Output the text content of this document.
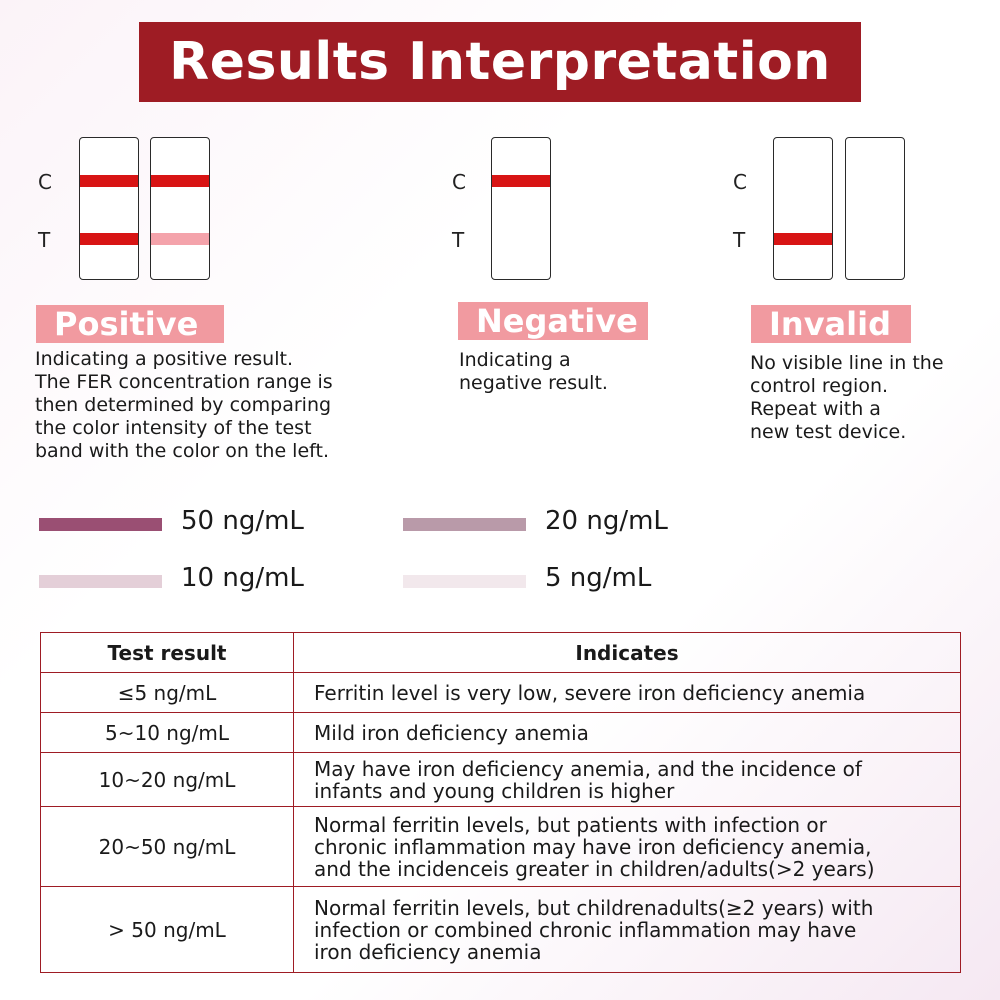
Results Interpretation
C
T
Positive
Indicating a positive result.
The FER concentration range is
then determined by comparing
the color intensity of the test
band with the color on the left.
C
T
Negative
Indicating a
negative result.
C
T
Invalid
No visible line in the
control region.
Repeat with a
new test device.
50 ng/mL	20 ng/mL
10 ng/mL	5 ng/mL
Test result	Indicates
≤5 ng/mL	Ferritin level is very low, severe iron deficiency anemia

5~10 ng/mL	Mild iron deficiency anemia

10~20 ng/mL	May have iron deficiency anemia, and the incidence of
infants and young children is higher

20~50 ng/mL	Normal ferritin levels, but patients with infection or
chronic inflammation may have iron deficiency anemia,
and the incidenceis greater in children/adults(>2 years)

> 50 ng/mL	Normal ferritin levels, but childrenadults(≥2 years) with
infection or combined chronic inflammation may have
iron deficiency anemia
